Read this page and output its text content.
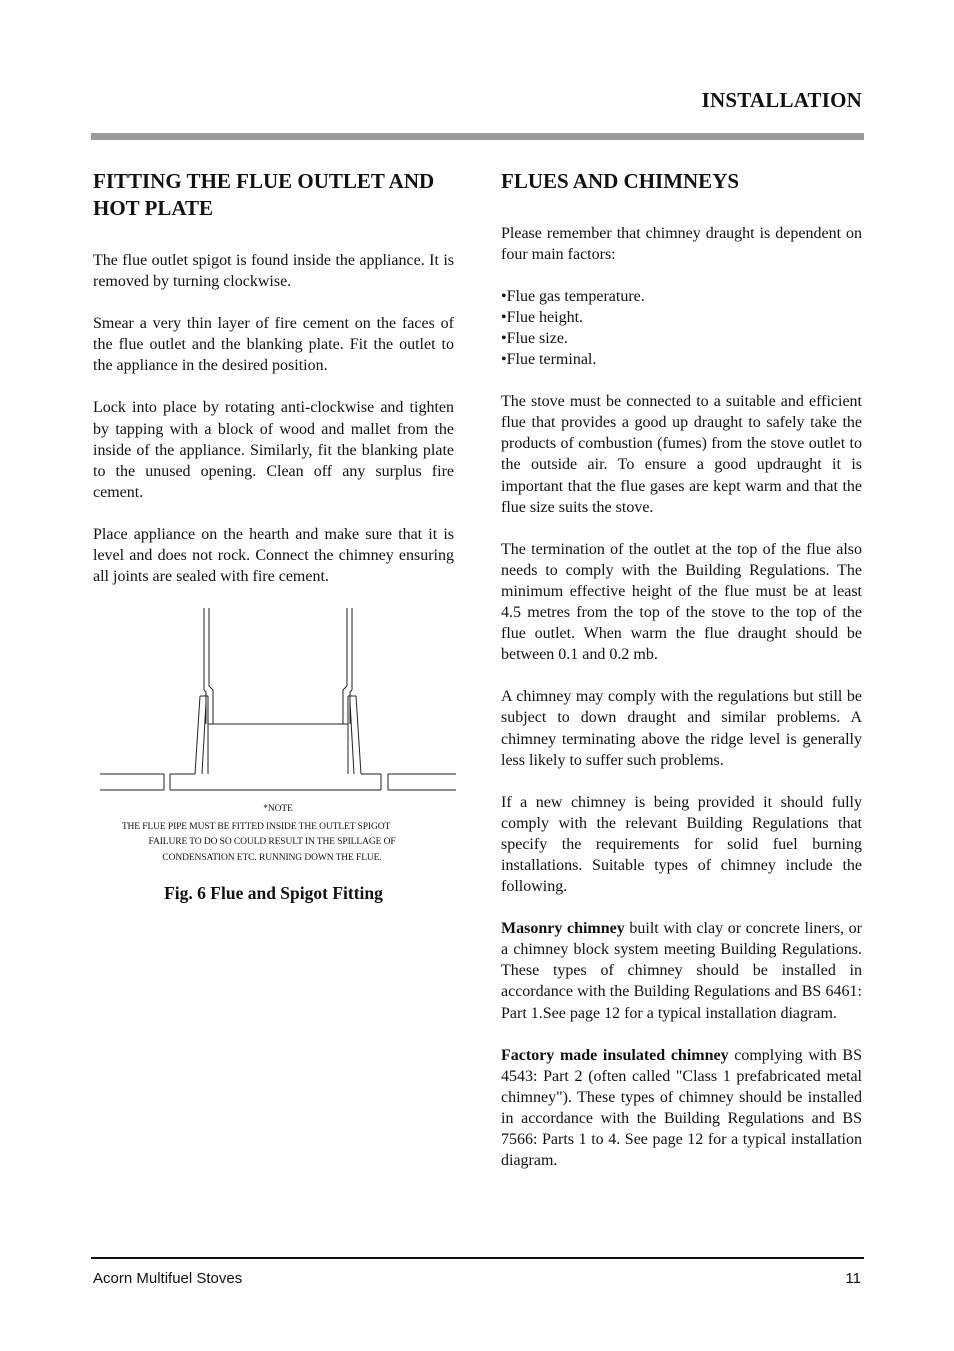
INSTALLATION
FITTING THE FLUE OUTLET AND HOT PLATE

The flue outlet spigot is found inside the appliance. It is removed by turning clockwise.

Smear a very thin layer of fire cement on the faces of the flue outlet and the blanking plate. Fit the outlet to the appliance in the desired position.

Lock into place by rotating anti-clockwise and tighten by tapping with a block of wood and mallet from the inside of the appliance. Similarly, fit the blanking plate to the unused opening. Clean off any surplus fire cement.

Place appliance on the hearth and make sure that it is level and does not rock. Connect the chimney ensuring all joints are sealed with fire cement.

*NOTE
THE FLUE PIPE MUST BE FITTED INSIDE THE OUTLET SPIGOT
FAILURE TO DO SO COULD RESULT IN THE SPILLAGE OF
CONDENSATION ETC. RUNNING DOWN THE FLUE.
Fig. 6 Flue and Spigot Fitting
FLUES AND CHIMNEYS

Please remember that chimney draught is dependent on four main factors:

•Flue gas temperature.
•Flue height.
•Flue size.
•Flue terminal.

The stove must be connected to a suitable and efficient flue that provides a good up draught to safely take the products of combustion (fumes) from the stove outlet to the outside air. To ensure a good updraught it is important that the flue gases are kept warm and that the flue size suits the stove.

The termination of the outlet at the top of the flue also needs to comply with the Building Regulations. The minimum effective height of the flue must be at least 4.5 metres from the top of the stove to the top of the flue outlet. When warm the flue draught should be between 0.1 and 0.2 mb.

A chimney may comply with the regulations but still be subject to down draught and similar problems. A chimney terminating above the ridge level is generally less likely to suffer such problems.

If a new chimney is being provided it should fully comply with the relevant Building Regulations that specify the requirements for solid fuel burning installations. Suitable types of chimney include the following.

Masonry chimney built with clay or concrete liners, or a chimney block system meeting Building Regulations. These types of chimney should be installed in accordance with the Building Regulations and BS 6461: Part 1.See page 12 for a typical installation diagram.

Factory made insulated chimney complying with BS 4543: Part 2 (often called "Class 1 prefabricated metal chimney"). These types of chimney should be installed in accordance with the Building Regulations and BS 7566: Parts 1 to 4. See page 12 for a typical installation diagram.

Acorn Multifuel Stoves	11
